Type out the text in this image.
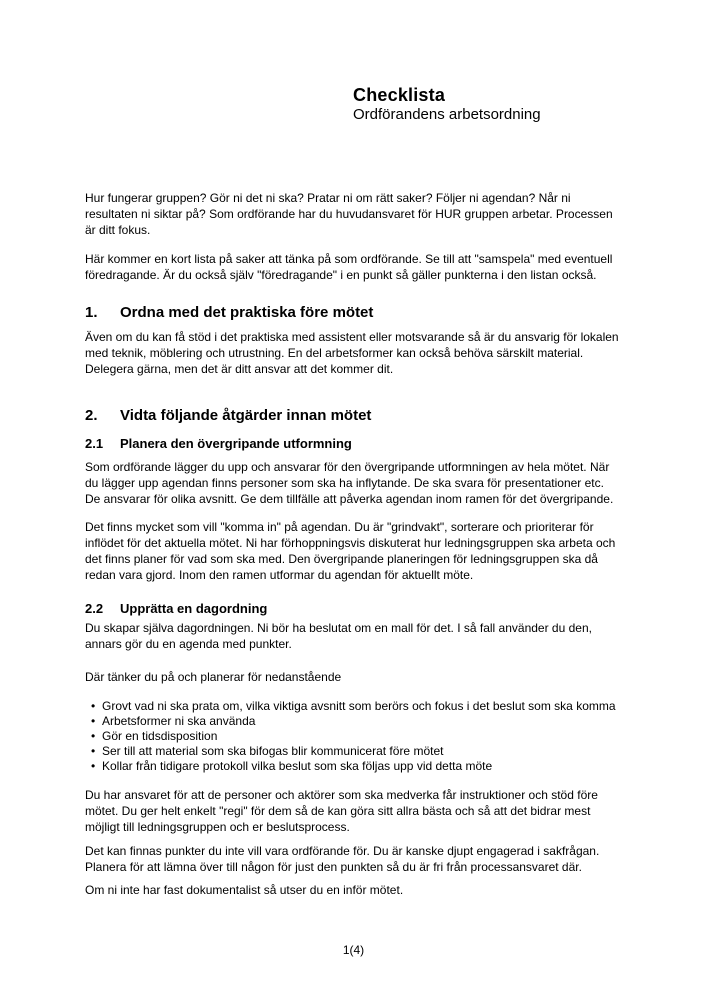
Checklista
Ordförandens arbetsordning

Hur fungerar gruppen? Gör ni det ni ska? Pratar ni om rätt saker? Följer ni agendan? Når ni resultaten ni siktar på? Som ordförande har du huvudansvaret för HUR gruppen arbetar. Processen är ditt fokus.

Här kommer en kort lista på saker att tänka på som ordförande. Se till att "samspela" med eventuell föredragande. Är du också själv "föredragande" i en punkt så gäller punkterna i den listan också.

1.	Ordna med det praktiska före mötet

Även om du kan få stöd i det praktiska med assistent eller motsvarande så är du ansvarig för lokalen med teknik, möblering och utrustning. En del arbetsformer kan också behöva särskilt material. Delegera gärna, men det är ditt ansvar att det kommer dit.

2.	Vidta följande åtgärder innan mötet
2.1	Planera den övergripande utformning

Som ordförande lägger du upp och ansvarar för den övergripande utformningen av hela mötet. När du lägger upp agendan finns personer som ska ha inflytande. De ska svara för presentationer etc. De ansvarar för olika avsnitt. Ge dem tillfälle att påverka agendan inom ramen för det övergripande.

Det finns mycket som vill "komma in" på agendan. Du är "grindvakt", sorterare och prioriterar för inflödet för det aktuella mötet. Ni har förhoppningsvis diskuterat hur ledningsgruppen ska arbeta och det finns planer för vad som ska med. Den övergripande planeringen för ledningsgruppen ska då redan vara gjord. Inom den ramen utformar du agendan för aktuellt möte.

2.2	Upprätta en dagordning

Du skapar själva dagordningen. Ni bör ha beslutat om en mall för det. I så fall använder du den, annars gör du en agenda med punkter.

Där tänker du på och planerar för nedanstående

• Grovt vad ni ska prata om, vilka viktiga avsnitt som berörs och fokus i det beslut som ska komma
• Arbetsformer ni ska använda
• Gör en tidsdisposition
• Ser till att material som ska bifogas blir kommunicerat före mötet
• Kollar från tidigare protokoll vilka beslut som ska följas upp vid detta möte

Du har ansvaret för att de personer och aktörer som ska medverka får instruktioner och stöd före mötet. Du ger helt enkelt "regi" för dem så de kan göra sitt allra bästa och så att det bidrar mest möjligt till ledningsgruppen och er beslutsprocess.

Det kan finnas punkter du inte vill vara ordförande för. Du är kanske djupt engagerad i sakfrågan. Planera för att lämna över till någon för just den punkten så du är fri från processansvaret där.

Om ni inte har fast dokumentalist så utser du en inför mötet.

1(4)
